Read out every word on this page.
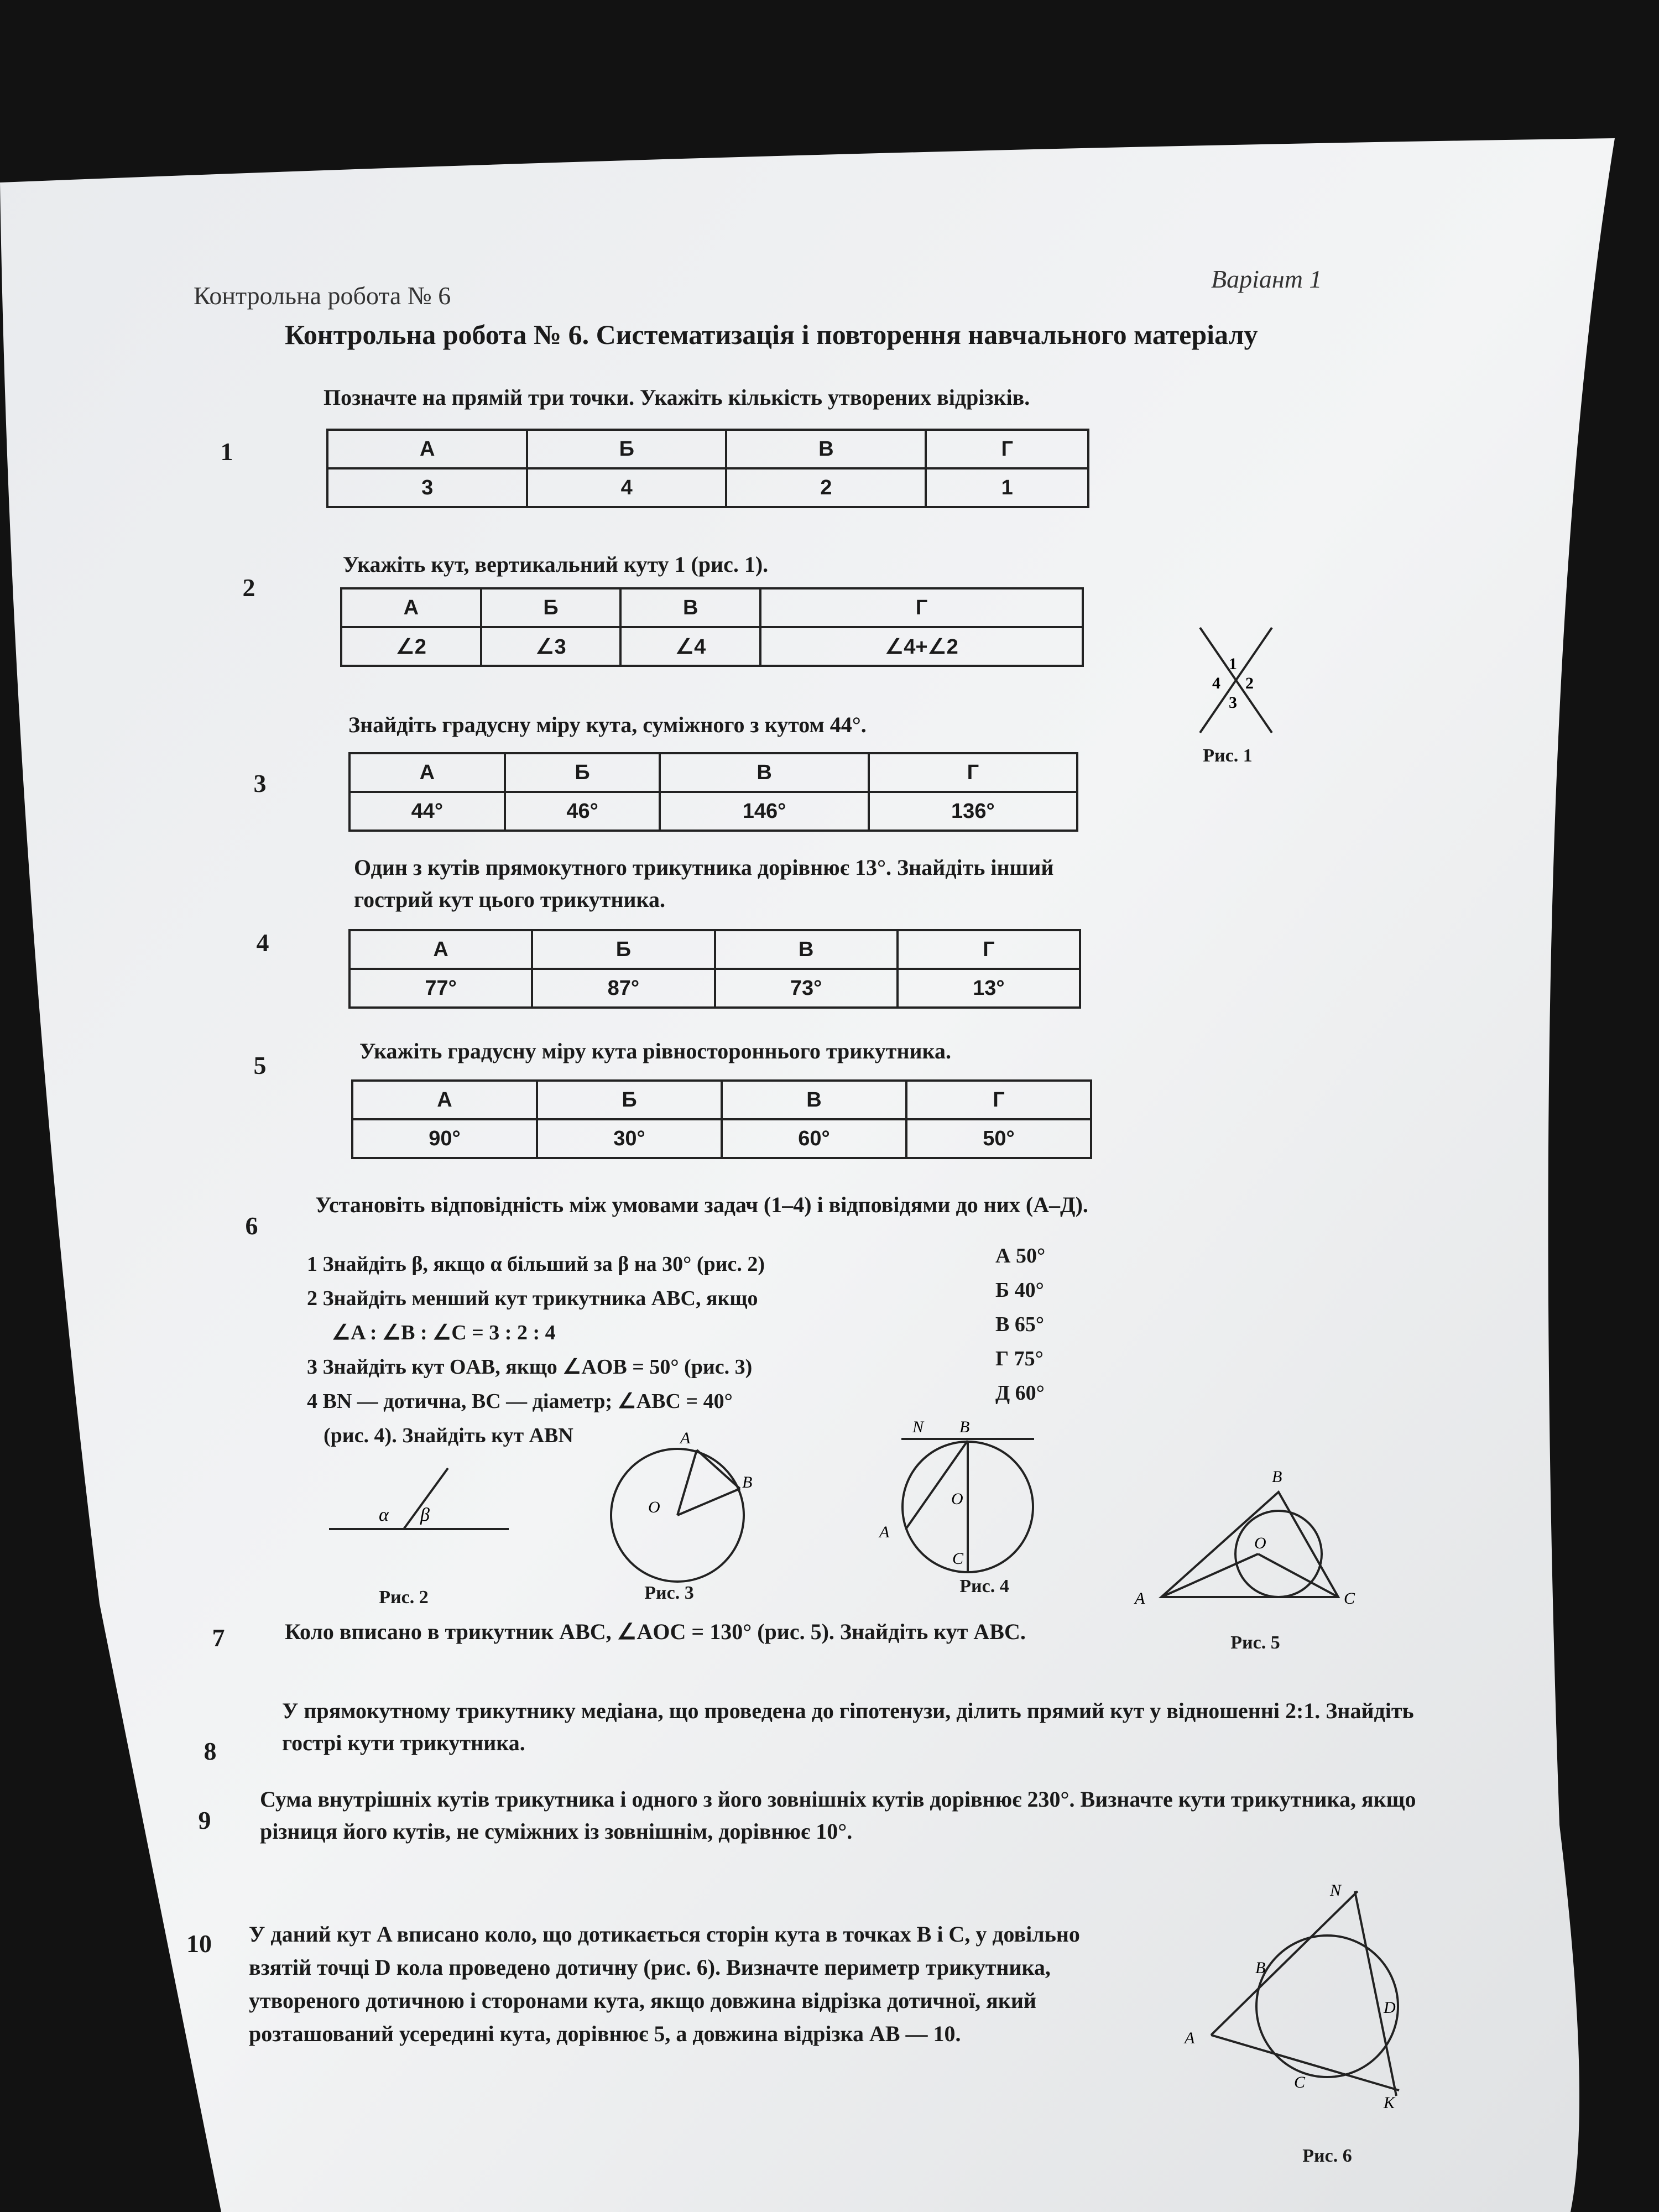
Контрольна робота № 6
Варіант 1
Контрольна робота № 6. Систематизація і повторення навчального матеріалу
1
Позначте на прямій три точки. Укажіть кількість утворених відрізків.
А	Б	В	Г
3	4	2	1
2
Укажіть кут, вертикальний куту 1 (рис. 1).
А	Б	В	Г
∠2	∠3	∠4	∠4+∠2
1
2
3
4
Рис. 1
3
Знайдіть градусну міру кута, суміжного з кутом 44°.
А	Б	В	Г
44°	46°	146°	136°
4
Один з кутів прямокутного трикутника дорівнює 13°. Знайдіть інший гострий кут цього трикутника.
А	Б	В	Г
77°	87°	73°	13°
5
Укажіть градусну міру кута рівностороннього трикутника.
А	Б	В	Г
90°	30°	60°	50°
6
Установіть відповідність між умовами задач (1–4) і відповідями до них (А–Д).
1 Знайдіть β, якщо α більший за β на 30° (рис. 2)
2 Знайдіть менший кут трикутника ABC, якщо
∠A : ∠B : ∠C = 3 : 2 : 4
3 Знайдіть кут OAB, якщо ∠AOB = 50° (рис. 3)
4 BN — дотична, BC — діаметр; ∠ABC = 40°
(рис. 4). Знайдіть кут ABN
А 50°
Б 40°
В 65°
Г 75°
Д 60°
α β
Рис. 2
A
B
O
Рис. 3
N B
O
A
C
Рис. 4
B
O
A	C
Рис. 5
7	Коло вписано в трикутник ABC, ∠AOC = 130° (рис. 5). Знайдіть кут ABC.
8
У прямокутному трикутнику медіана, що проведена до гіпотенузи, ділить прямий кут у відношенні 2:1. Знайдіть гострі кути трикутника.
9
Сума внутрішніх кутів трикутника і одного з його зовнішніх кутів дорівнює 230°. Визначте кути трикутника, якщо різниця його кутів, не суміжних із зовнішнім, дорівнює 10°.
10	У даний кут A вписано коло, що дотикається сторін кута в точках B і C, у довільно взятій точці D кола проведено дотичну (рис. 6). Визначте периметр трикутника, утвореного дотичною і сторонами кута, якщо довжина відрізка дотичної, який розташований усередині кута, дорівнює 5, а довжина відрізка AB — 10.
N
B
D
A
C
K
Рис. 6
